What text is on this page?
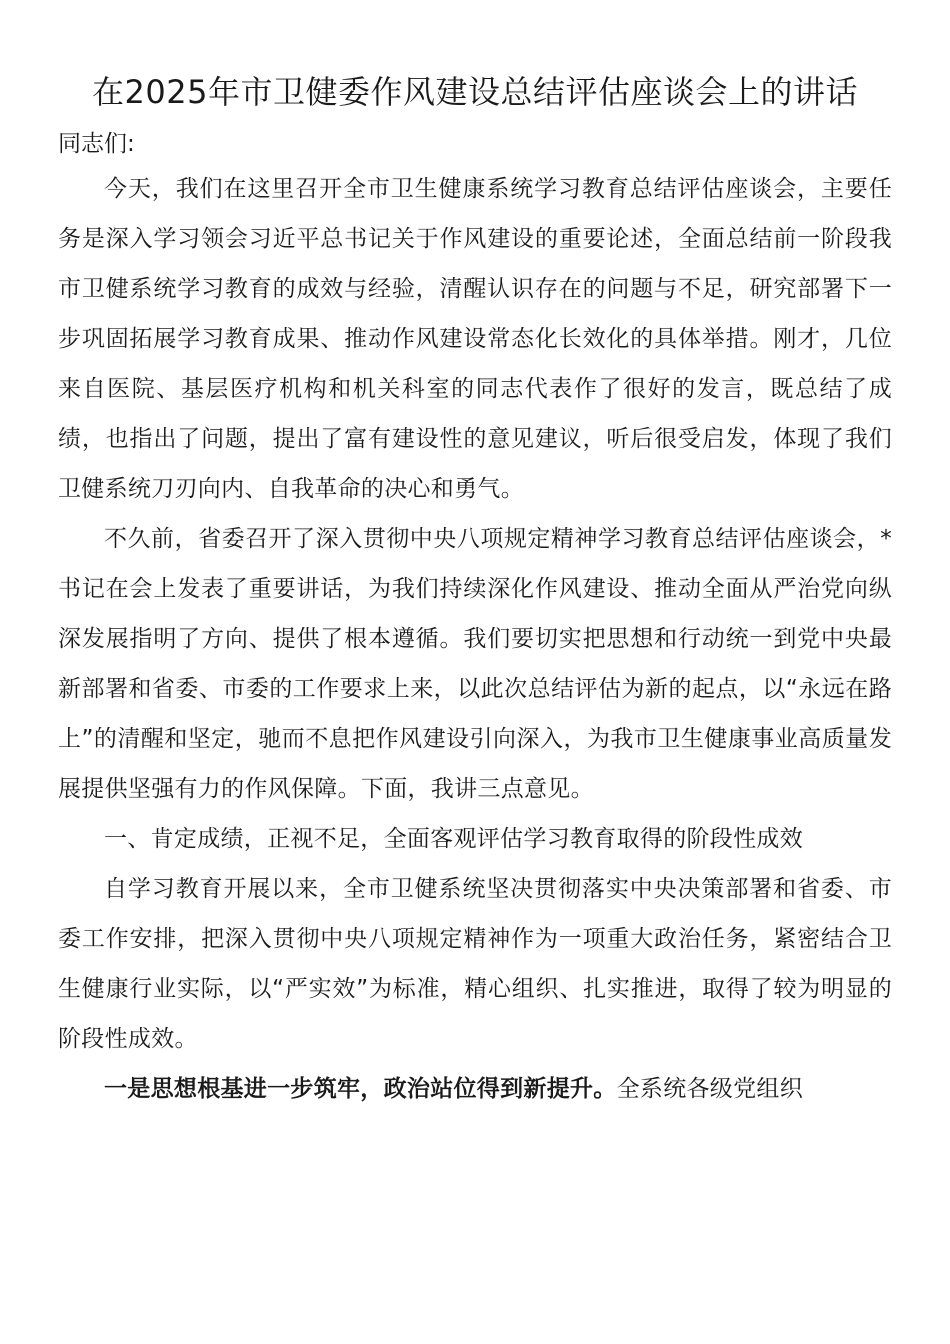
在2025年市卫健委作风建设总结评估座谈会上的讲话

同志们:

今天，我们在这里召开全市卫生健康系统学习教育总结评估座谈会，主要任务是深入学习领会习近平总书记关于作风建设的重要论述，全面总结前一阶段我市卫健系统学习教育的成效与经验，清醒认识存在的问题与不足，研究部署下一步巩固拓展学习教育成果、推动作风建设常态化长效化的具体举措。刚才，几位来自医院、基层医疗机构和机关科室的同志代表作了很好的发言，既总结了成绩，也指出了问题，提出了富有建设性的意见建议，听后很受启发，体现了我们卫健系统刀刃向内、自我革命的决心和勇气。

不久前，省委召开了深入贯彻中央八项规定精神学习教育总结评估座谈会，*书记在会上发表了重要讲话，为我们持续深化作风建设、推动全面从严治党向纵深发展指明了方向、提供了根本遵循。我们要切实把思想和行动统一到党中央最新部署和省委、市委的工作要求上来，以此次总结评估为新的起点，以“永远在路上”的清醒和坚定，驰而不息把作风建设引向深入，为我市卫生健康事业高质量发展提供坚强有力的作风保障。下面，我讲三点意见。

一、肯定成绩，正视不足，全面客观评估学习教育取得的阶段性成效

自学习教育开展以来，全市卫健系统坚决贯彻落实中央决策部署和省委、市委工作安排，把深入贯彻中央八项规定精神作为一项重大政治任务，紧密结合卫生健康行业实际，以“严实效”为标准，精心组织、扎实推进，取得了较为明显的阶段性成效。

一是思想根基进一步筑牢，政治站位得到新提升。全系统各级党组织
